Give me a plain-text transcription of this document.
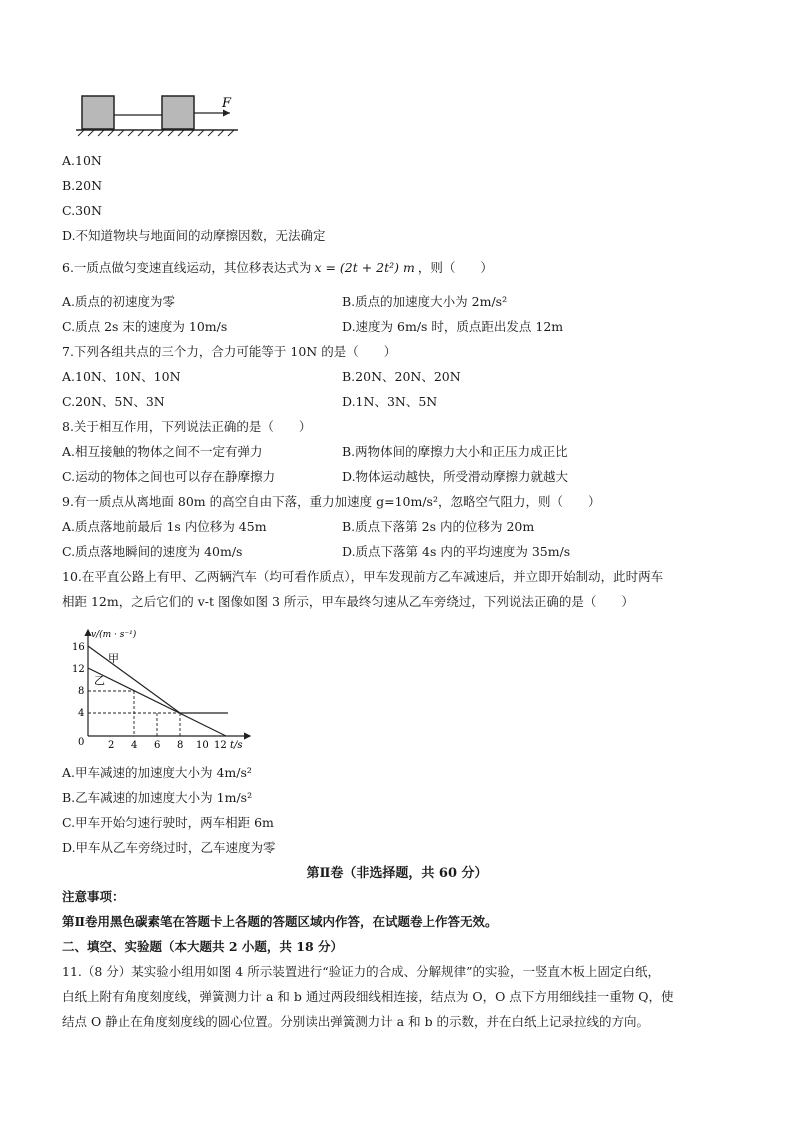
F
A.10N
B.20N
C.30N
D.不知道物块与地面间的动摩擦因数，无法确定
6.一质点做匀变速直线运动，其位移表达式为 x = (2t + 2t²) m ，则（　　）
A.质点的初速度为零	B.质点的加速度大小为 2m/s²
C.质点 2s 末的速度为 10m/s	D.速度为 6m/s 时，质点距出发点 12m
7.下列各组共点的三个力，合力可能等于 10N 的是（　　）
A.10N、10N、10N	B.20N、20N、20N
C.20N、5N、3N	D.1N、3N、5N
8.关于相互作用，下列说法正确的是（　　）
A.相互接触的物体之间不一定有弹力	B.两物体间的摩擦力大小和正压力成正比
C.运动的物体之间也可以存在静摩擦力	D.物体运动越快，所受滑动摩擦力就越大
9.有一质点从离地面 80m 的高空自由下落，重力加速度 g=10m/s²，忽略空气阻力，则（　　）
A.质点落地前最后 1s 内位移为 45m	B.质点下落第 2s 内的位移为 20m
C.质点落地瞬间的速度为 40m/s	D.质点下落第 4s 内的平均速度为 35m/s
10.在平直公路上有甲、乙两辆汽车（均可看作质点），甲车发现前方乙车减速后，并立即开始制动，此时两车
相距 12m，之后它们的 v-t 图像如图 3 所示，甲车最终匀速从乙车旁绕过，下列说法正确的是（　　）
v/(m · s⁻¹)
t/s
0
16
12
8
4
2 4 6 8 10 12
甲
乙
A.甲车减速的加速度大小为 4m/s²
B.乙车减速的加速度大小为 1m/s²
C.甲车开始匀速行驶时，两车相距 6m
D.甲车从乙车旁绕过时，乙车速度为零
第Ⅱ卷（非选择题，共 60 分）
注意事项：
第Ⅱ卷用黑色碳素笔在答题卡上各题的答题区域内作答，在试题卷上作答无效。
二、填空、实验题（本大题共 2 小题，共 18 分）
11.（8 分）某实验小组用如图 4 所示装置进行“验证力的合成、分解规律”的实验，一竖直木板上固定白纸，
白纸上附有角度刻度线，弹簧测力计 a 和 b 通过两段细线相连接，结点为 O，O 点下方用细线挂一重物 Q，使
结点 O 静止在角度刻度线的圆心位置。分别读出弹簧测力计 a 和 b 的示数，并在白纸上记录拉线的方向。
